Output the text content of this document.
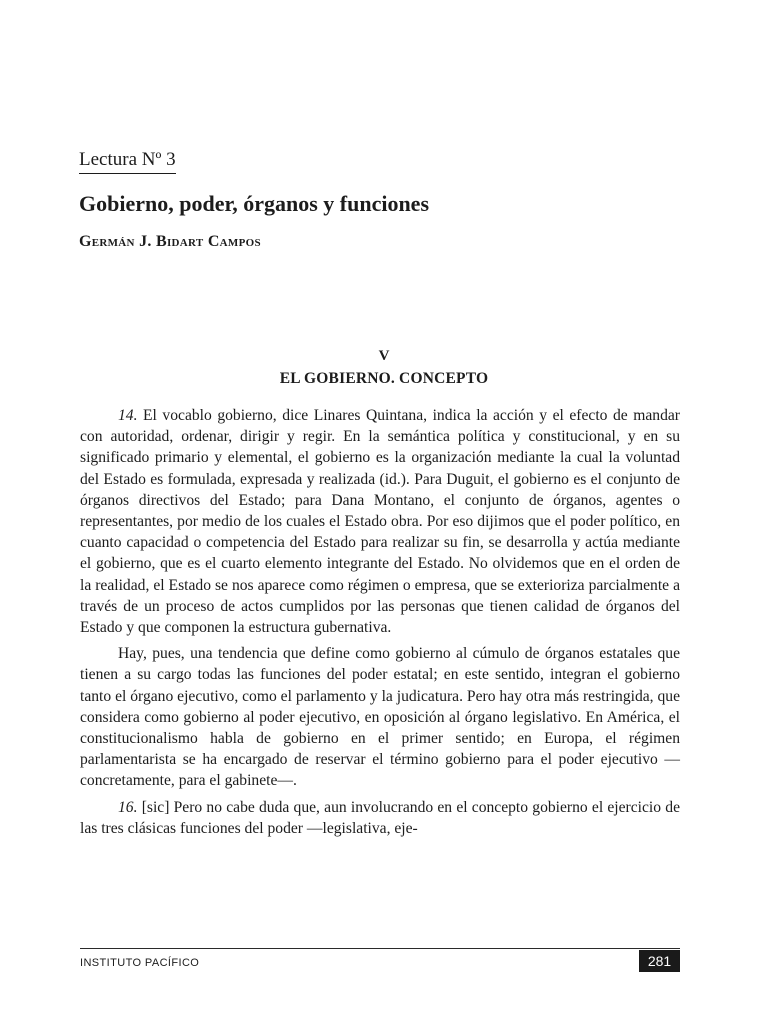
Lectura Nº 3
Gobierno, poder, órganos y funciones
Germán J. Bidart Campos
V
EL GOBIERNO. CONCEPTO

14. El vocablo gobierno, dice Linares Quintana, indica la acción y el efecto de mandar con autoridad, ordenar, dirigir y regir. En la semántica política y constitucional, y en su significado primario y elemental, el gobierno es la organización mediante la cual la voluntad del Estado es formulada, expresada y realizada (id.). Para Duguit, el gobierno es el conjunto de órganos directivos del Estado; para Dana Montano, el conjunto de órganos, agentes o representantes, por medio de los cuales el Estado obra. Por eso dijimos que el poder político, en cuanto capacidad o competencia del Estado para realizar su fin, se desarrolla y actúa mediante el gobierno, que es el cuarto elemento integrante del Estado. No olvidemos que en el orden de la realidad, el Estado se nos aparece como régimen o empresa, que se exterioriza parcialmente a través de un proceso de actos cumplidos por las personas que tienen calidad de órganos del Estado y que componen la estructura gubernativa.

Hay, pues, una tendencia que define como gobierno al cúmulo de órganos estatales que tienen a su cargo todas las funciones del poder estatal; en este sentido, integran el gobierno tanto el órgano ejecutivo, como el parlamento y la judicatura. Pero hay otra más restringida, que considera como gobierno al poder ejecutivo, en oposición al órgano legislativo. En América, el constitucionalismo habla de gobierno en el primer sentido; en Europa, el régimen parlamentarista se ha encargado de reservar el término gobierno para el poder ejecutivo —concretamente, para el gabinete—.

16. [sic] Pero no cabe duda que, aun involucrando en el concepto gobierno el ejercicio de las tres clásicas funciones del poder —legislativa, eje-

INSTITUTO PACÍFICO	281
